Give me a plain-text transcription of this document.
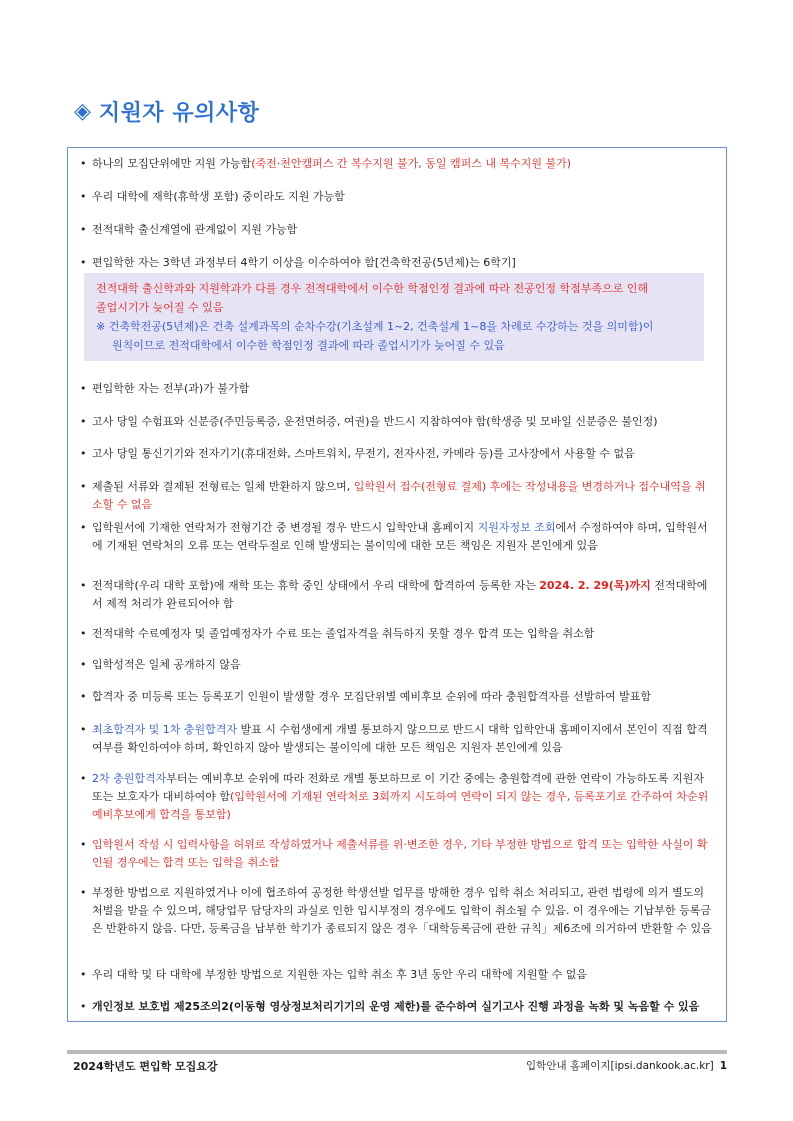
◈ 지원자 유의사항
• 하나의 모집단위에만 지원 가능함(죽전·천안캠퍼스 간 복수지원 불가, 동일 캠퍼스 내 복수지원 불가)
• 우리 대학에 재학(휴학생 포함) 중이라도 지원 가능함
• 전적대학 출신계열에 관계없이 지원 가능함
• 편입학한 자는 3학년 과정부터 4학기 이상을 이수하여야 함[건축학전공(5년제)는 6학기]
전적대학 출신학과와 지원학과가 다를 경우 전적대학에서 이수한 학점인정 결과에 따라 전공인정 학점부족으로 인해
졸업시기가 늦어질 수 있음
※ 건축학전공(5년제)은 건축 설계과목의 순차수강(기초설계 1~2, 건축설계 1~8을 차례로 수강하는 것을 의미함)이
원칙이므로 전적대학에서 이수한 학점인정 결과에 따라 졸업시기가 늦어질 수 있음
• 편입학한 자는 전부(과)가 불가함
• 고사 당일 수험표와 신분증(주민등록증, 운전면허증, 여권)을 반드시 지참하여야 함(학생증 및 모바일 신분증은 불인정)
• 고사 당일 통신기기와 전자기기(휴대전화, 스마트워치, 무전기, 전자사전, 카메라 등)를 고사장에서 사용할 수 없음
• 제출된 서류와 결제된 전형료는 일체 반환하지 않으며, 입학원서 접수(전형료 결제) 후에는 작성내용을 변경하거나 접수내역을 취소할 수 없음
• 입학원서에 기재한 연락처가 전형기간 중 변경될 경우 반드시 입학안내 홈페이지 지원자정보 조회에서 수정하여야 하며, 입학원서에 기재된 연락처의 오류 또는 연락두절로 인해 발생되는 불이익에 대한 모든 책임은 지원자 본인에게 있음
• 전적대학(우리 대학 포함)에 재학 또는 휴학 중인 상태에서 우리 대학에 합격하여 등록한 자는 2024. 2. 29(목)까지 전적대학에서 제적 처리가 완료되어야 함
• 전적대학 수료예정자 및 졸업예정자가 수료 또는 졸업자격을 취득하지 못할 경우 합격 또는 입학을 취소함
• 입학성적은 일체 공개하지 않음
• 합격자 중 미등록 또는 등록포기 인원이 발생할 경우 모집단위별 예비후보 순위에 따라 충원합격자를 선발하여 발표함
• 최초합격자 및 1차 충원합격자 발표 시 수험생에게 개별 통보하지 않으므로 반드시 대학 입학안내 홈페이지에서 본인이 직접 합격여부를 확인하여야 하며, 확인하지 않아 발생되는 불이익에 대한 모든 책임은 지원자 본인에게 있음
• 2차 충원합격자부터는 예비후보 순위에 따라 전화로 개별 통보하므로 이 기간 중에는 충원합격에 관한 연락이 가능하도록 지원자 또는 보호자가 대비하여야 함(입학원서에 기재된 연락처로 3회까지 시도하여 연락이 되지 않는 경우, 등록포기로 간주하여 차순위 예비후보에게 합격을 통보함)
• 입학원서 작성 시 입력사항을 허위로 작성하였거나 제출서류를 위·변조한 경우, 기타 부정한 방법으로 합격 또는 입학한 사실이 확인될 경우에는 합격 또는 입학을 취소함
• 부정한 방법으로 지원하였거나 이에 협조하여 공정한 학생선발 업무를 방해한 경우 입학 취소 처리되고, 관련 법령에 의거 별도의 처벌을 받을 수 있으며, 해당업무 담당자의 과실로 인한 입시부정의 경우에도 입학이 취소될 수 있음. 이 경우에는 기납부한 등록금은 반환하지 않음. 다만, 등록금을 납부한 학기가 종료되지 않은 경우「대학등록금에 관한 규칙」제6조에 의거하여 반환할 수 있음
• 우리 대학 및 타 대학에 부정한 방법으로 지원한 자는 입학 취소 후 3년 동안 우리 대학에 지원할 수 없음
• 개인정보 보호법 제25조의2(이동형 영상정보처리기기의 운영 제한)를 준수하여 실기고사 진행 과정을 녹화 및 녹음할 수 있음
2024학년도 편입학 모집요강	입학안내 홈페이지[ipsi.dankook.ac.kr] 1
